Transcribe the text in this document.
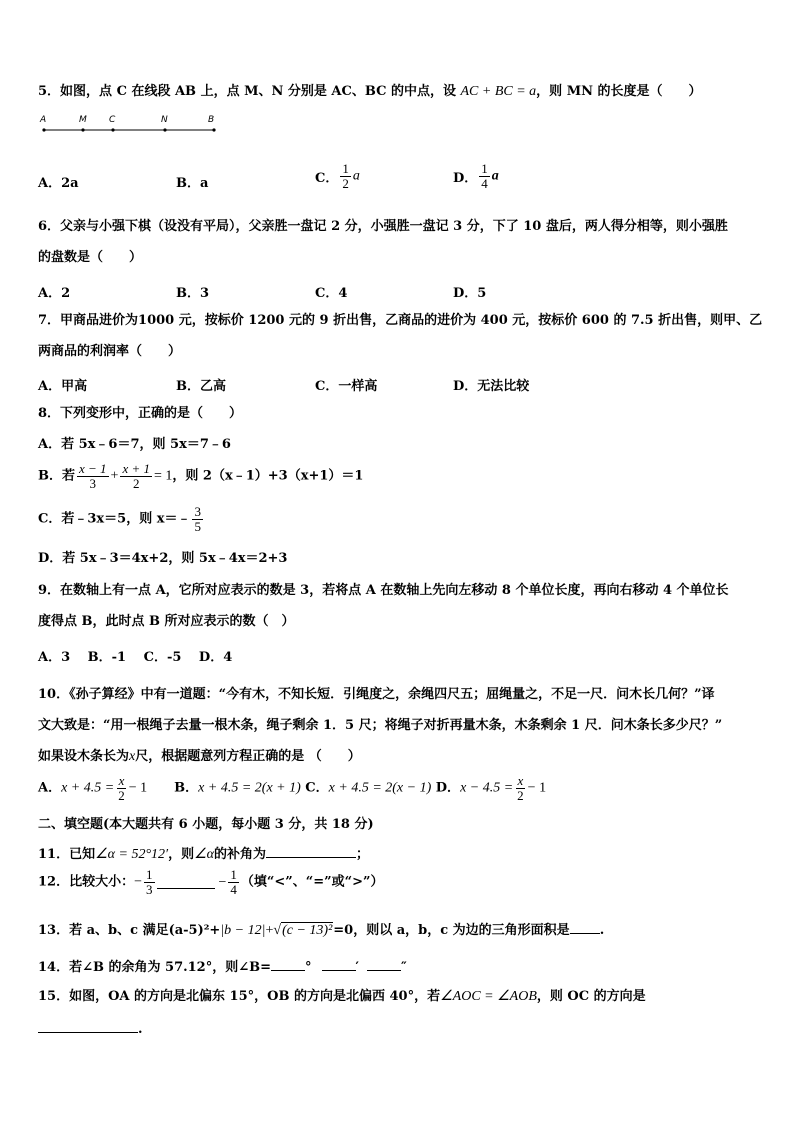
5．如图，点 C 在线段 AB 上，点 M、N 分别是 AC、BC 的中点，设 AC + BC = a，则 MN 的长度是（　　）
A	M C	N	B
A．2a	B．a	C． $\frac{1}{2}$ a	D． $\frac{1}{4}$ a
6．父亲与小强下棋（设没有平局），父亲胜一盘记 2 分，小强胜一盘记 3 分，下了 10 盘后，两人得分相等，则小强胜
的盘数是（　　）
A．2	B．3	C．4	D．5
7．甲商品进价为1000 元，按标价 1200 元的 9 折出售，乙商品的进价为 400 元，按标价 600 的 7.5 折出售，则甲、乙
两商品的利润率（　　）
A．甲高	B．乙高	C．一样高	D．无法比较
8．下列变形中，正确的是（　　）
A．若 5x﹣6＝7，则 5x＝7﹣6
B．若 $\frac{x - 1}{3} + \frac{x + 1}{2} = 1$，则 2（x﹣1）+3（x+1）＝1
C．若﹣3x＝5，则 x＝﹣ $\frac{3}{5}$
D．若 5x﹣3＝4x+2，则 5x﹣4x＝2+3
9．在数轴上有一点 A，它所对应表示的数是 3，若将点 A 在数轴上先向左移动 8 个单位长度，再向右移动 4 个单位长
度得点 B，此时点 B 所对应表示的数（　）
A．3　 B．-1　 C．-5　 D．4
10．《孙子算经》中有一道题：“今有木，不知长短．引绳度之，余绳四尺五；屈绳量之，不足一尺．问木长几何？”译
文大致是：“用一根绳子去量一根木条，绳子剩余 1．5 尺；将绳子对折再量木条，木条剩余 1 尺．问木条长多少尺？”
如果设木条长为x尺，根据题意列方程正确的是 （　　）
A．$x + 4.5 = \frac{x}{2} - 1$ B．x + 4.5 = 2(x + 1) C．x + 4.5 = 2(x − 1) D．$x - 4.5 = \frac{x}{2} - 1$
二、填空题(本大题共有 6 小题，每小题 3 分，共 18 分)
11．已知∠α = 52°12′，则∠α的补角为	；
12．比较大小：− $\frac{1}{3}$	− $\frac{1}{4}$ （填“<”、“=”或“>”）
13．若 a、b、c 满足(a-5)²+|b − 12|+√(c − 13)²=0，则以 a，b，c 为边的三角形面积是 .
14．若∠B 的余角为 57.12°，则∠B=	°	′	″
15．如图，OA 的方向是北偏东 15°，OB 的方向是北偏西 40°，若∠AOC = ∠AOB，则 OC 的方向是
.
